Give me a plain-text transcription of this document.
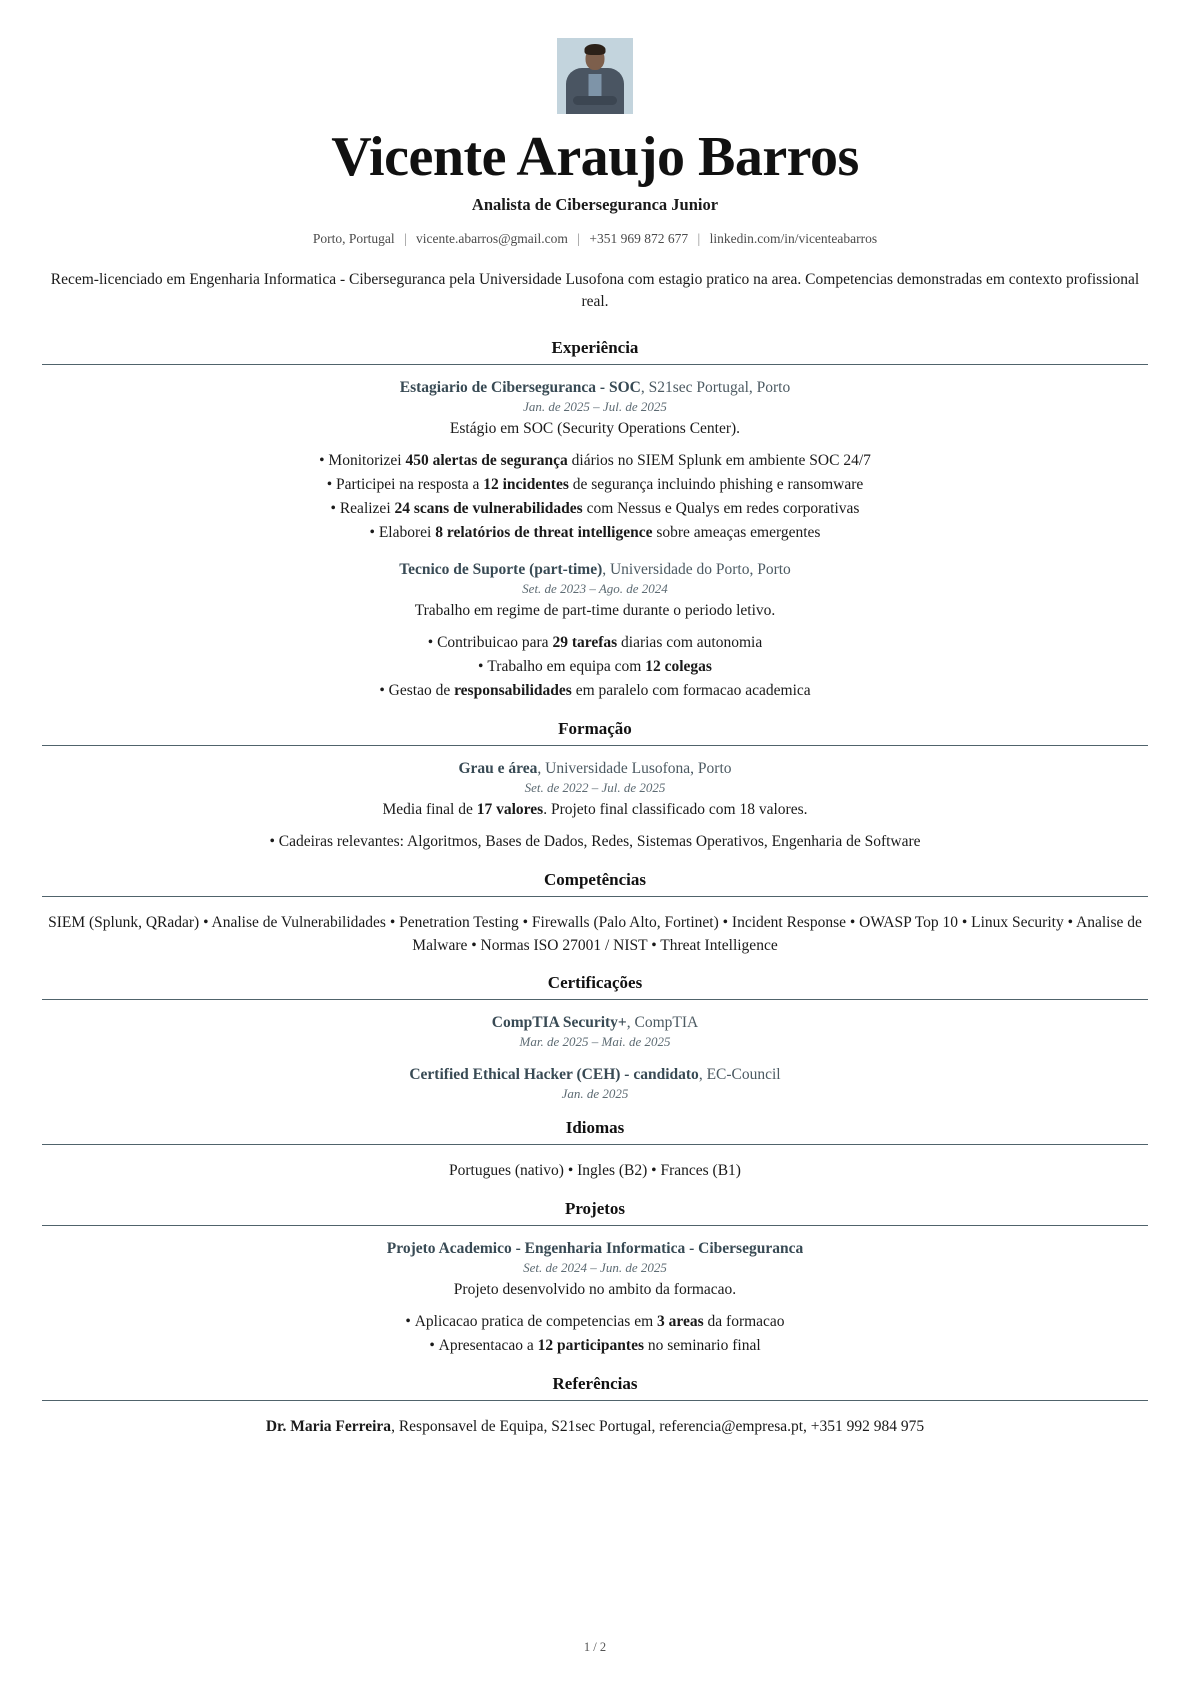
Vicente Araujo Barros
Analista de Ciberseguranca Junior
Porto, Portugal | vicente.abarros@gmail.com | +351 969 872 677 | linkedin.com/in/vicenteabarros
Recem-licenciado em Engenharia Informatica - Ciberseguranca pela Universidade Lusofona com estagio pratico na area. Competencias demonstradas em contexto profissional real.
Experiência
Estagiario de Ciberseguranca - SOC, S21sec Portugal, Porto
Jan. de 2025 – Jul. de 2025
Estágio em SOC (Security Operations Center).
• Monitorizei 450 alertas de segurança diários no SIEM Splunk em ambiente SOC 24/7
• Participei na resposta a 12 incidentes de segurança incluindo phishing e ransomware
• Realizei 24 scans de vulnerabilidades com Nessus e Qualys em redes corporativas
• Elaborei 8 relatórios de threat intelligence sobre ameaças emergentes
Tecnico de Suporte (part-time), Universidade do Porto, Porto
Set. de 2023 – Ago. de 2024
Trabalho em regime de part-time durante o periodo letivo.
• Contribuicao para 29 tarefas diarias com autonomia
• Trabalho em equipa com 12 colegas
• Gestao de responsabilidades em paralelo com formacao academica
Formação
Grau e área, Universidade Lusofona, Porto
Set. de 2022 – Jul. de 2025
Media final de 17 valores. Projeto final classificado com 18 valores.
• Cadeiras relevantes: Algoritmos, Bases de Dados, Redes, Sistemas Operativos, Engenharia de Software
Competências
SIEM (Splunk, QRadar) • Analise de Vulnerabilidades • Penetration Testing • Firewalls (Palo Alto, Fortinet) • Incident Response • OWASP Top 10 • Linux Security • Analise de Malware • Normas ISO 27001 / NIST • Threat Intelligence
Certificações
CompTIA Security+, CompTIA
Mar. de 2025 – Mai. de 2025
Certified Ethical Hacker (CEH) - candidato, EC-Council
Jan. de 2025
Idiomas
Portugues (nativo) • Ingles (B2) • Frances (B1)
Projetos
Projeto Academico - Engenharia Informatica - Ciberseguranca
Set. de 2024 – Jun. de 2025
Projeto desenvolvido no ambito da formacao.
• Aplicacao pratica de competencias em 3 areas da formacao
• Apresentacao a 12 participantes no seminario final
Referências
Dr. Maria Ferreira, Responsavel de Equipa, S21sec Portugal, referencia@empresa.pt, +351 992 984 975
1 / 2
